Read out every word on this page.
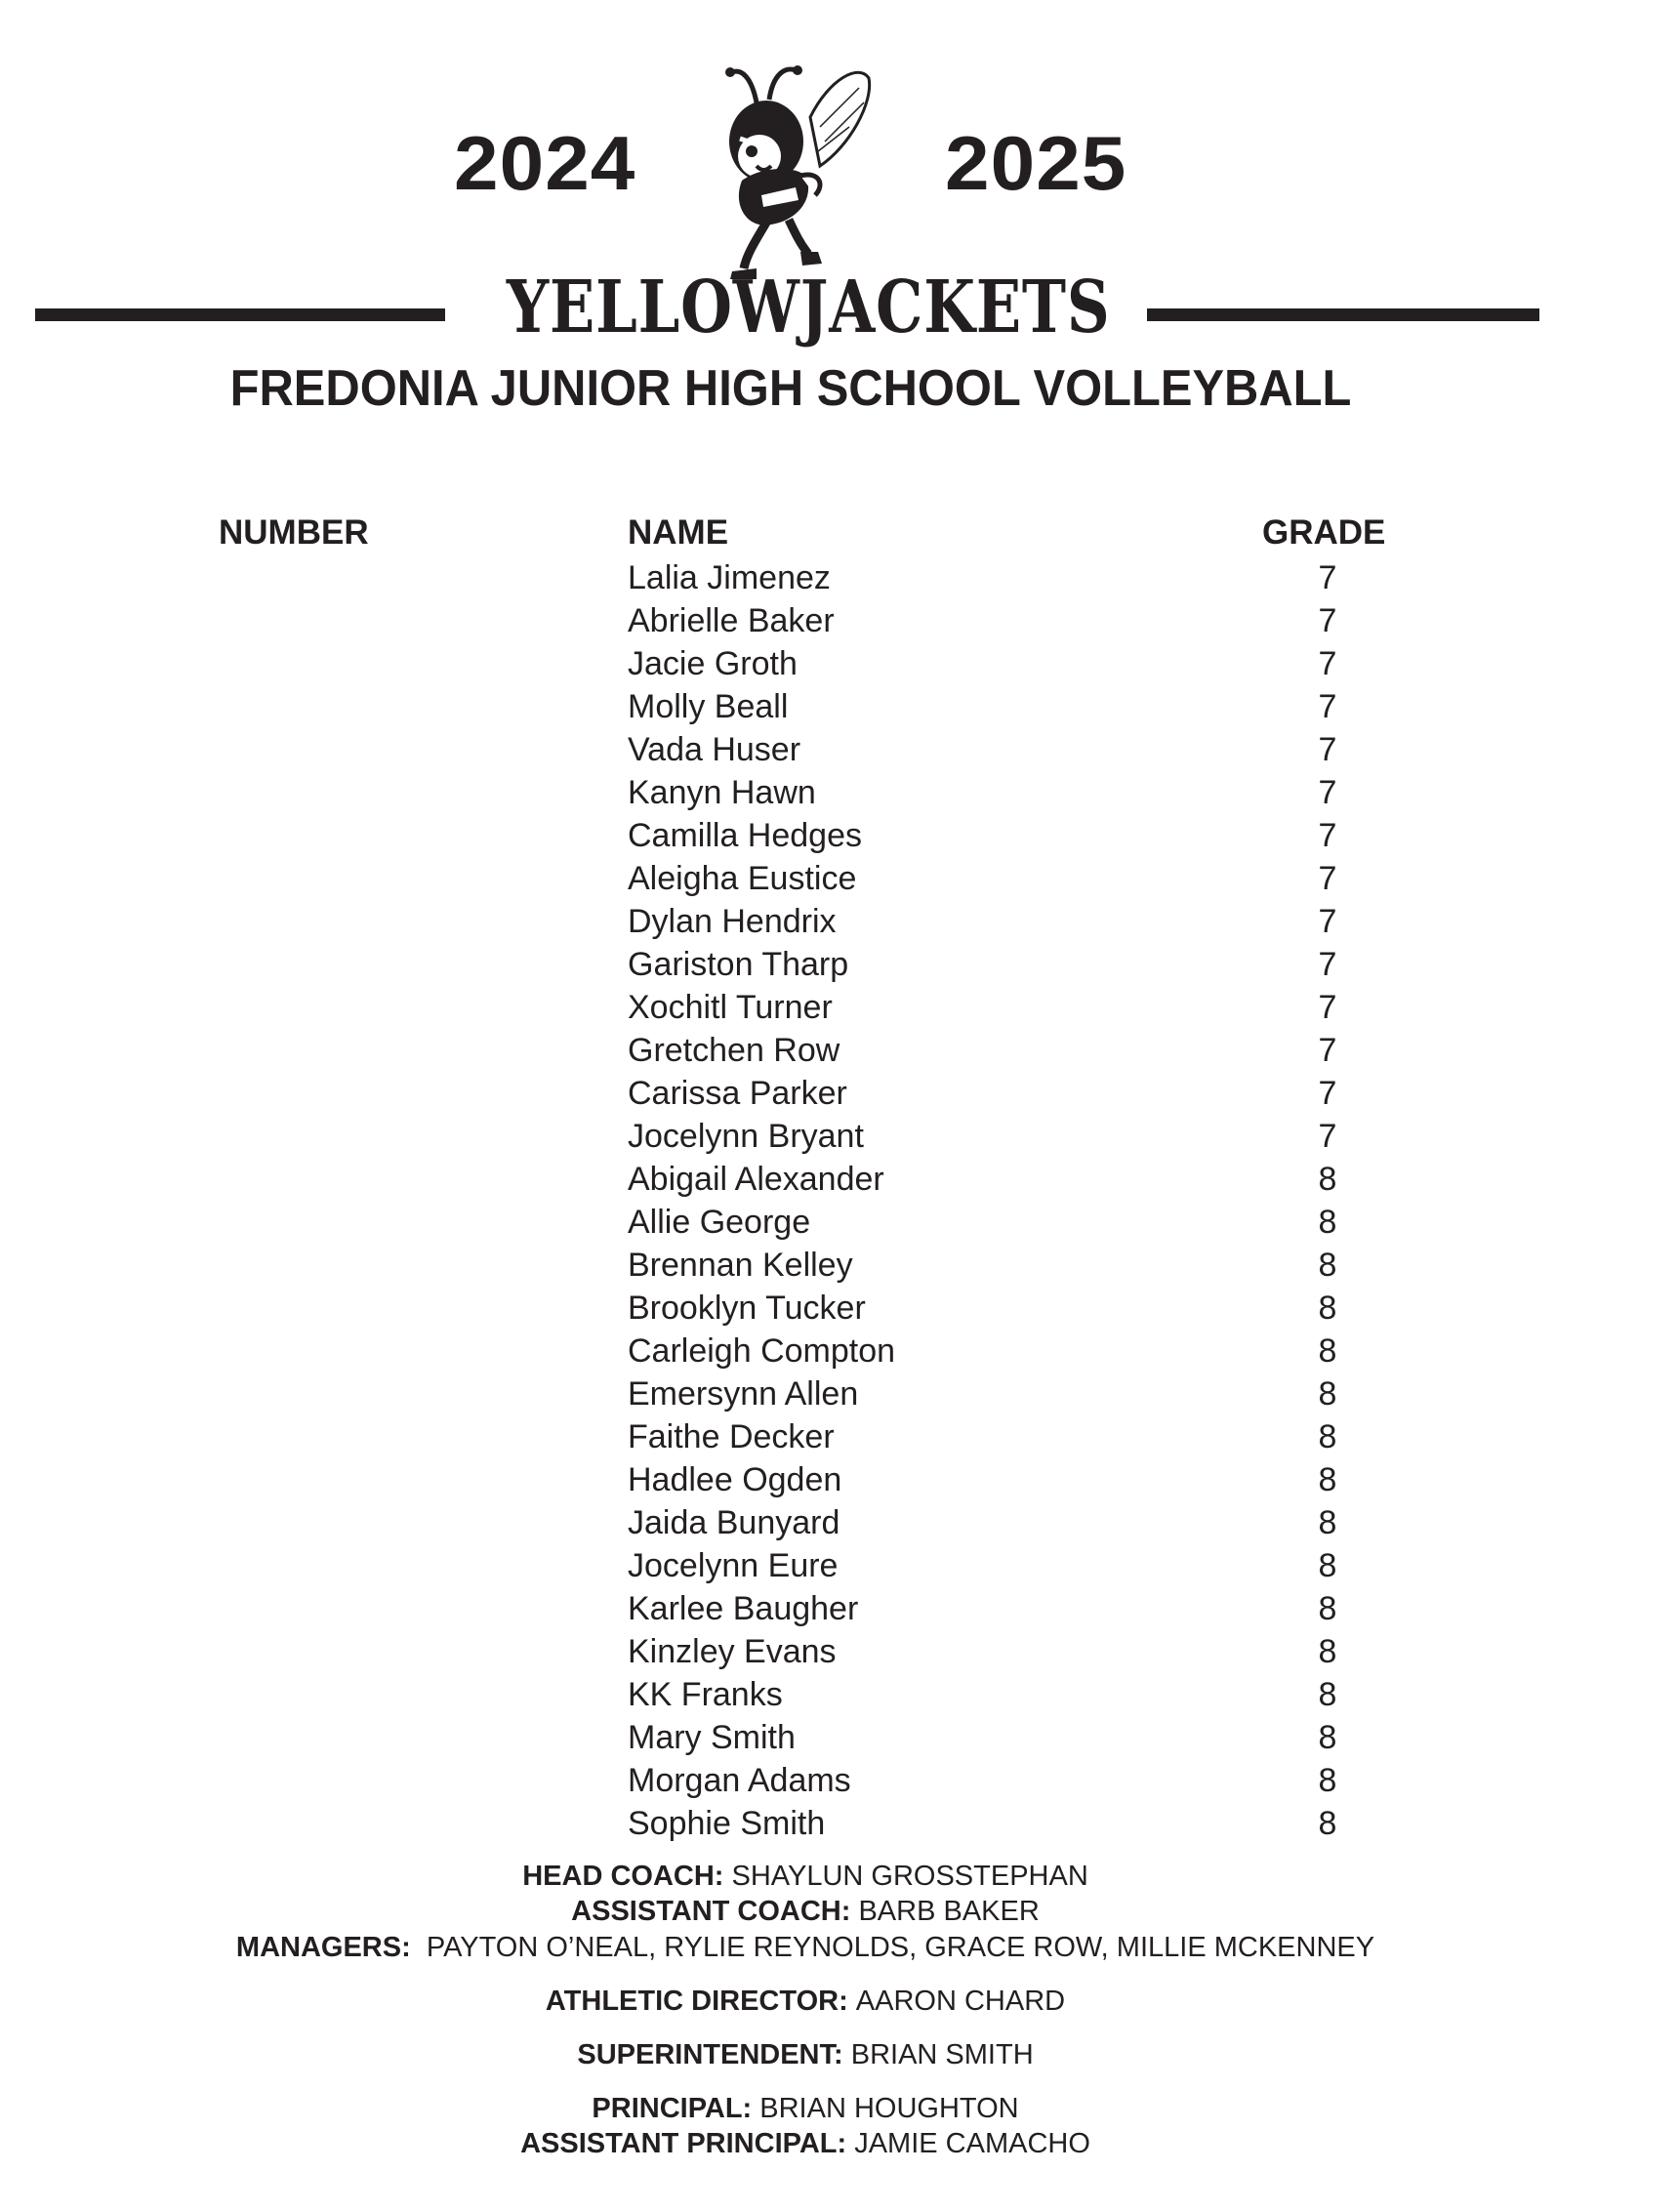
2024	2025
YELLOWJACKETS
FREDONIA JUNIOR HIGH SCHOOL VOLLEYBALL
NUMBER	NAME	GRADE
Lalia Jimenez	7
Abrielle Baker	7
Jacie Groth	7
Molly Beall	7
Vada Huser	7
Kanyn Hawn	7
Camilla Hedges	7
Aleigha Eustice	7
Dylan Hendrix	7
Gariston Tharp	7
Xochitl Turner	7
Gretchen Row	7
Carissa Parker	7
Jocelynn Bryant	7
Abigail Alexander	8
Allie George	8
Brennan Kelley	8
Brooklyn Tucker	8
Carleigh Compton	8
Emersynn Allen	8
Faithe Decker	8
Hadlee Ogden	8
Jaida Bunyard	8
Jocelynn Eure	8
Karlee Baugher	8
Kinzley Evans	8
KK Franks	8
Mary Smith	8
Morgan Adams	8
Sophie Smith	8
HEAD COACH: SHAYLUN GROSSTEPHAN
ASSISTANT COACH: BARB BAKER
MANAGERS: PAYTON O’NEAL, RYLIE REYNOLDS, GRACE ROW, MILLIE MCKENNEY
ATHLETIC DIRECTOR: AARON CHARD
SUPERINTENDENT: BRIAN SMITH
PRINCIPAL: BRIAN HOUGHTON
ASSISTANT PRINCIPAL: JAMIE CAMACHO
